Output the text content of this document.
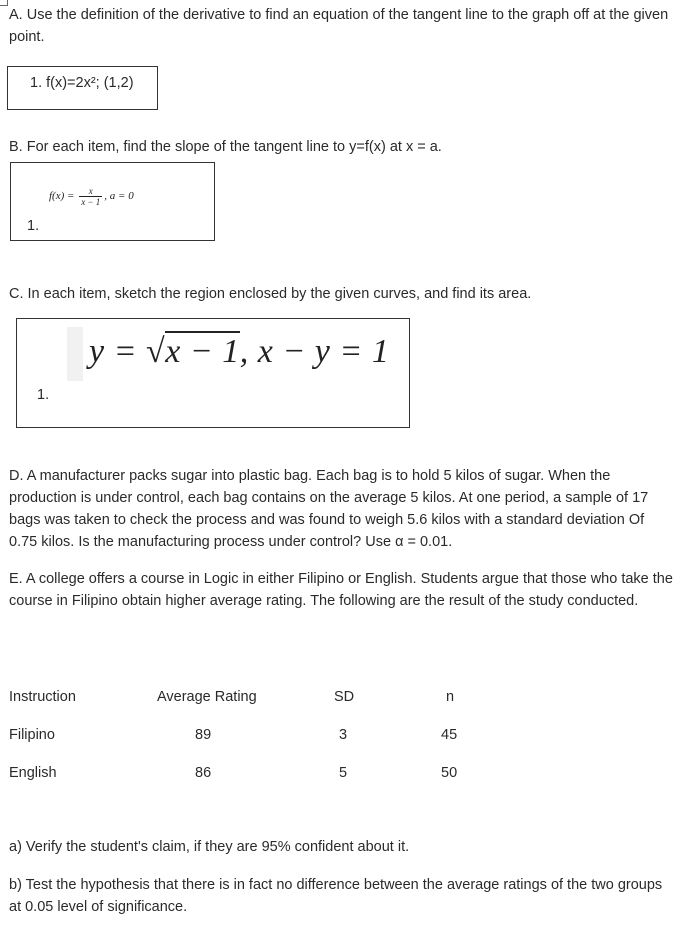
A. Use the definition of the derivative to find an equation of the tangent line to the graph off at the given point.

1. f(x)=2x²; (1,2)

B. For each item, find the slope of the tangent line to y=f(x) at x = a.

$f(x) = \frac{x}{x - 1}$ , a = 0
1.

C. In each item, sketch the region enclosed by the given curves, and find its area.

y = √x − 1, x − y = 1
1.

D. A manufacturer packs sugar into plastic bag. Each bag is to hold 5 kilos of sugar. When the production is under control, each bag contains on the average 5 kilos. At one period, a sample of 17 bags was taken to check the process and was found to weigh 5.6 kilos with a standard deviation Of 0.75 kilos. Is the manufacturing process under control? Use α = 0.01.

E. A college offers a course in Logic in either Filipino or English. Students argue that those who take the course in Filipino obtain higher average rating. The following are the result of the study conducted.

Instruction	Average Rating	SD	n
Filipino	89	3	45
English	86	5	50

a) Verify the student's claim, if they are 95% confident about it.

b) Test the hypothesis that there is in fact no difference between the average ratings of the two groups at 0.05 level of significance.
